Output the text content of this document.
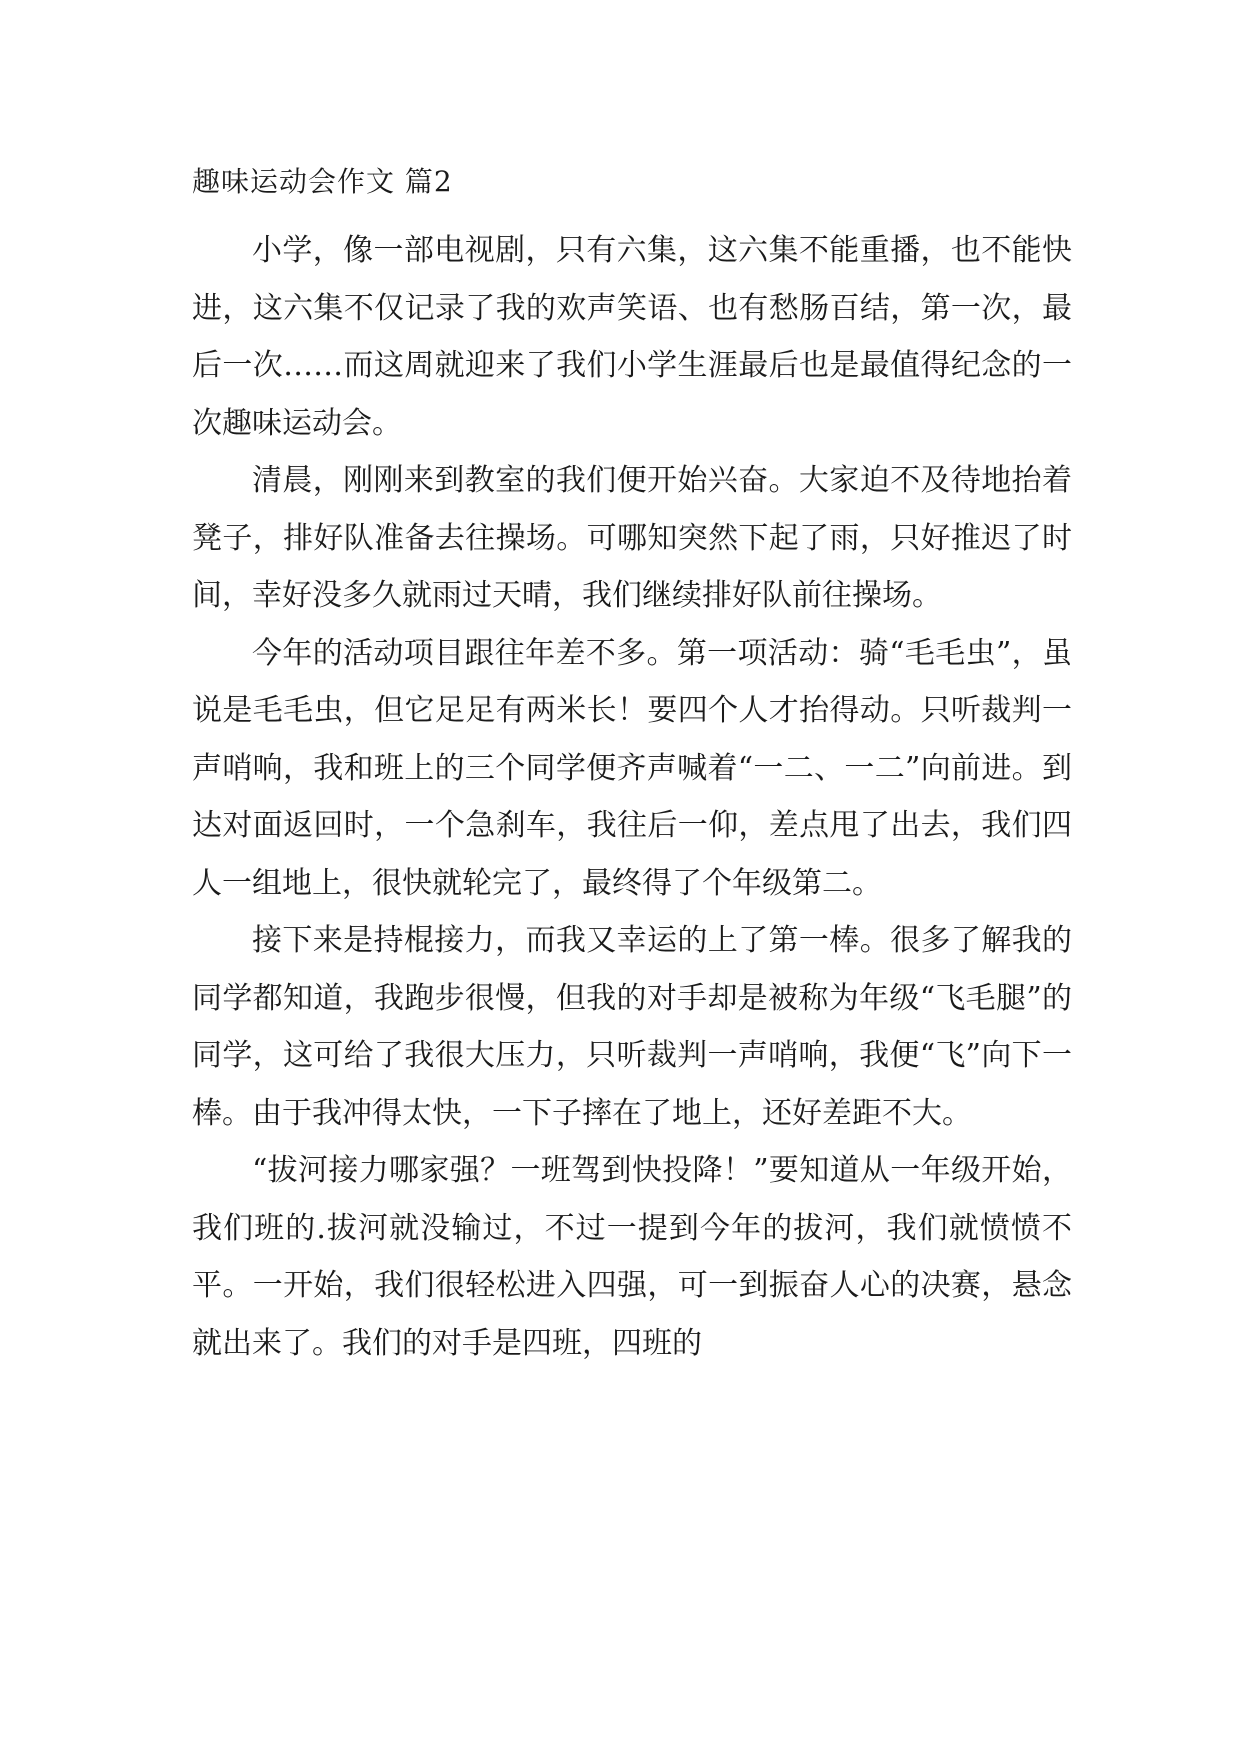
趣味运动会作文 篇2

小学，像一部电视剧，只有六集，这六集不能重播，也不能快进，这六集不仅记录了我的欢声笑语、也有愁肠百结，第一次，最后一次……而这周就迎来了我们小学生涯最后也是最值得纪念的一次趣味运动会。

清晨，刚刚来到教室的我们便开始兴奋。大家迫不及待地抬着凳子，排好队准备去往操场。可哪知突然下起了雨，只好推迟了时间，幸好没多久就雨过天晴，我们继续排好队前往操场。

今年的活动项目跟往年差不多。第一项活动：骑“毛毛虫”，虽说是毛毛虫，但它足足有两米长！要四个人才抬得动。只听裁判一声哨响，我和班上的三个同学便齐声喊着“一二、一二”向前进。到达对面返回时，一个急刹车，我往后一仰，差点甩了出去，我们四人一组地上，很快就轮完了，最终得了个年级第二。

接下来是持棍接力，而我又幸运的上了第一棒。很多了解我的同学都知道，我跑步很慢，但我的对手却是被称为年级“飞毛腿”的同学，这可给了我很大压力，只听裁判一声哨响，我便“飞”向下一棒。由于我冲得太快，一下子摔在了地上，还好差距不大。

“拔河接力哪家强？一班驾到快投降！”要知道从一年级开始，我们班的.拔河就没输过，不过一提到今年的拔河，我们就愤愤不平。一开始，我们很轻松进入四强，可一到振奋人心的决赛，悬念就出来了。我们的对手是四班，四班的
